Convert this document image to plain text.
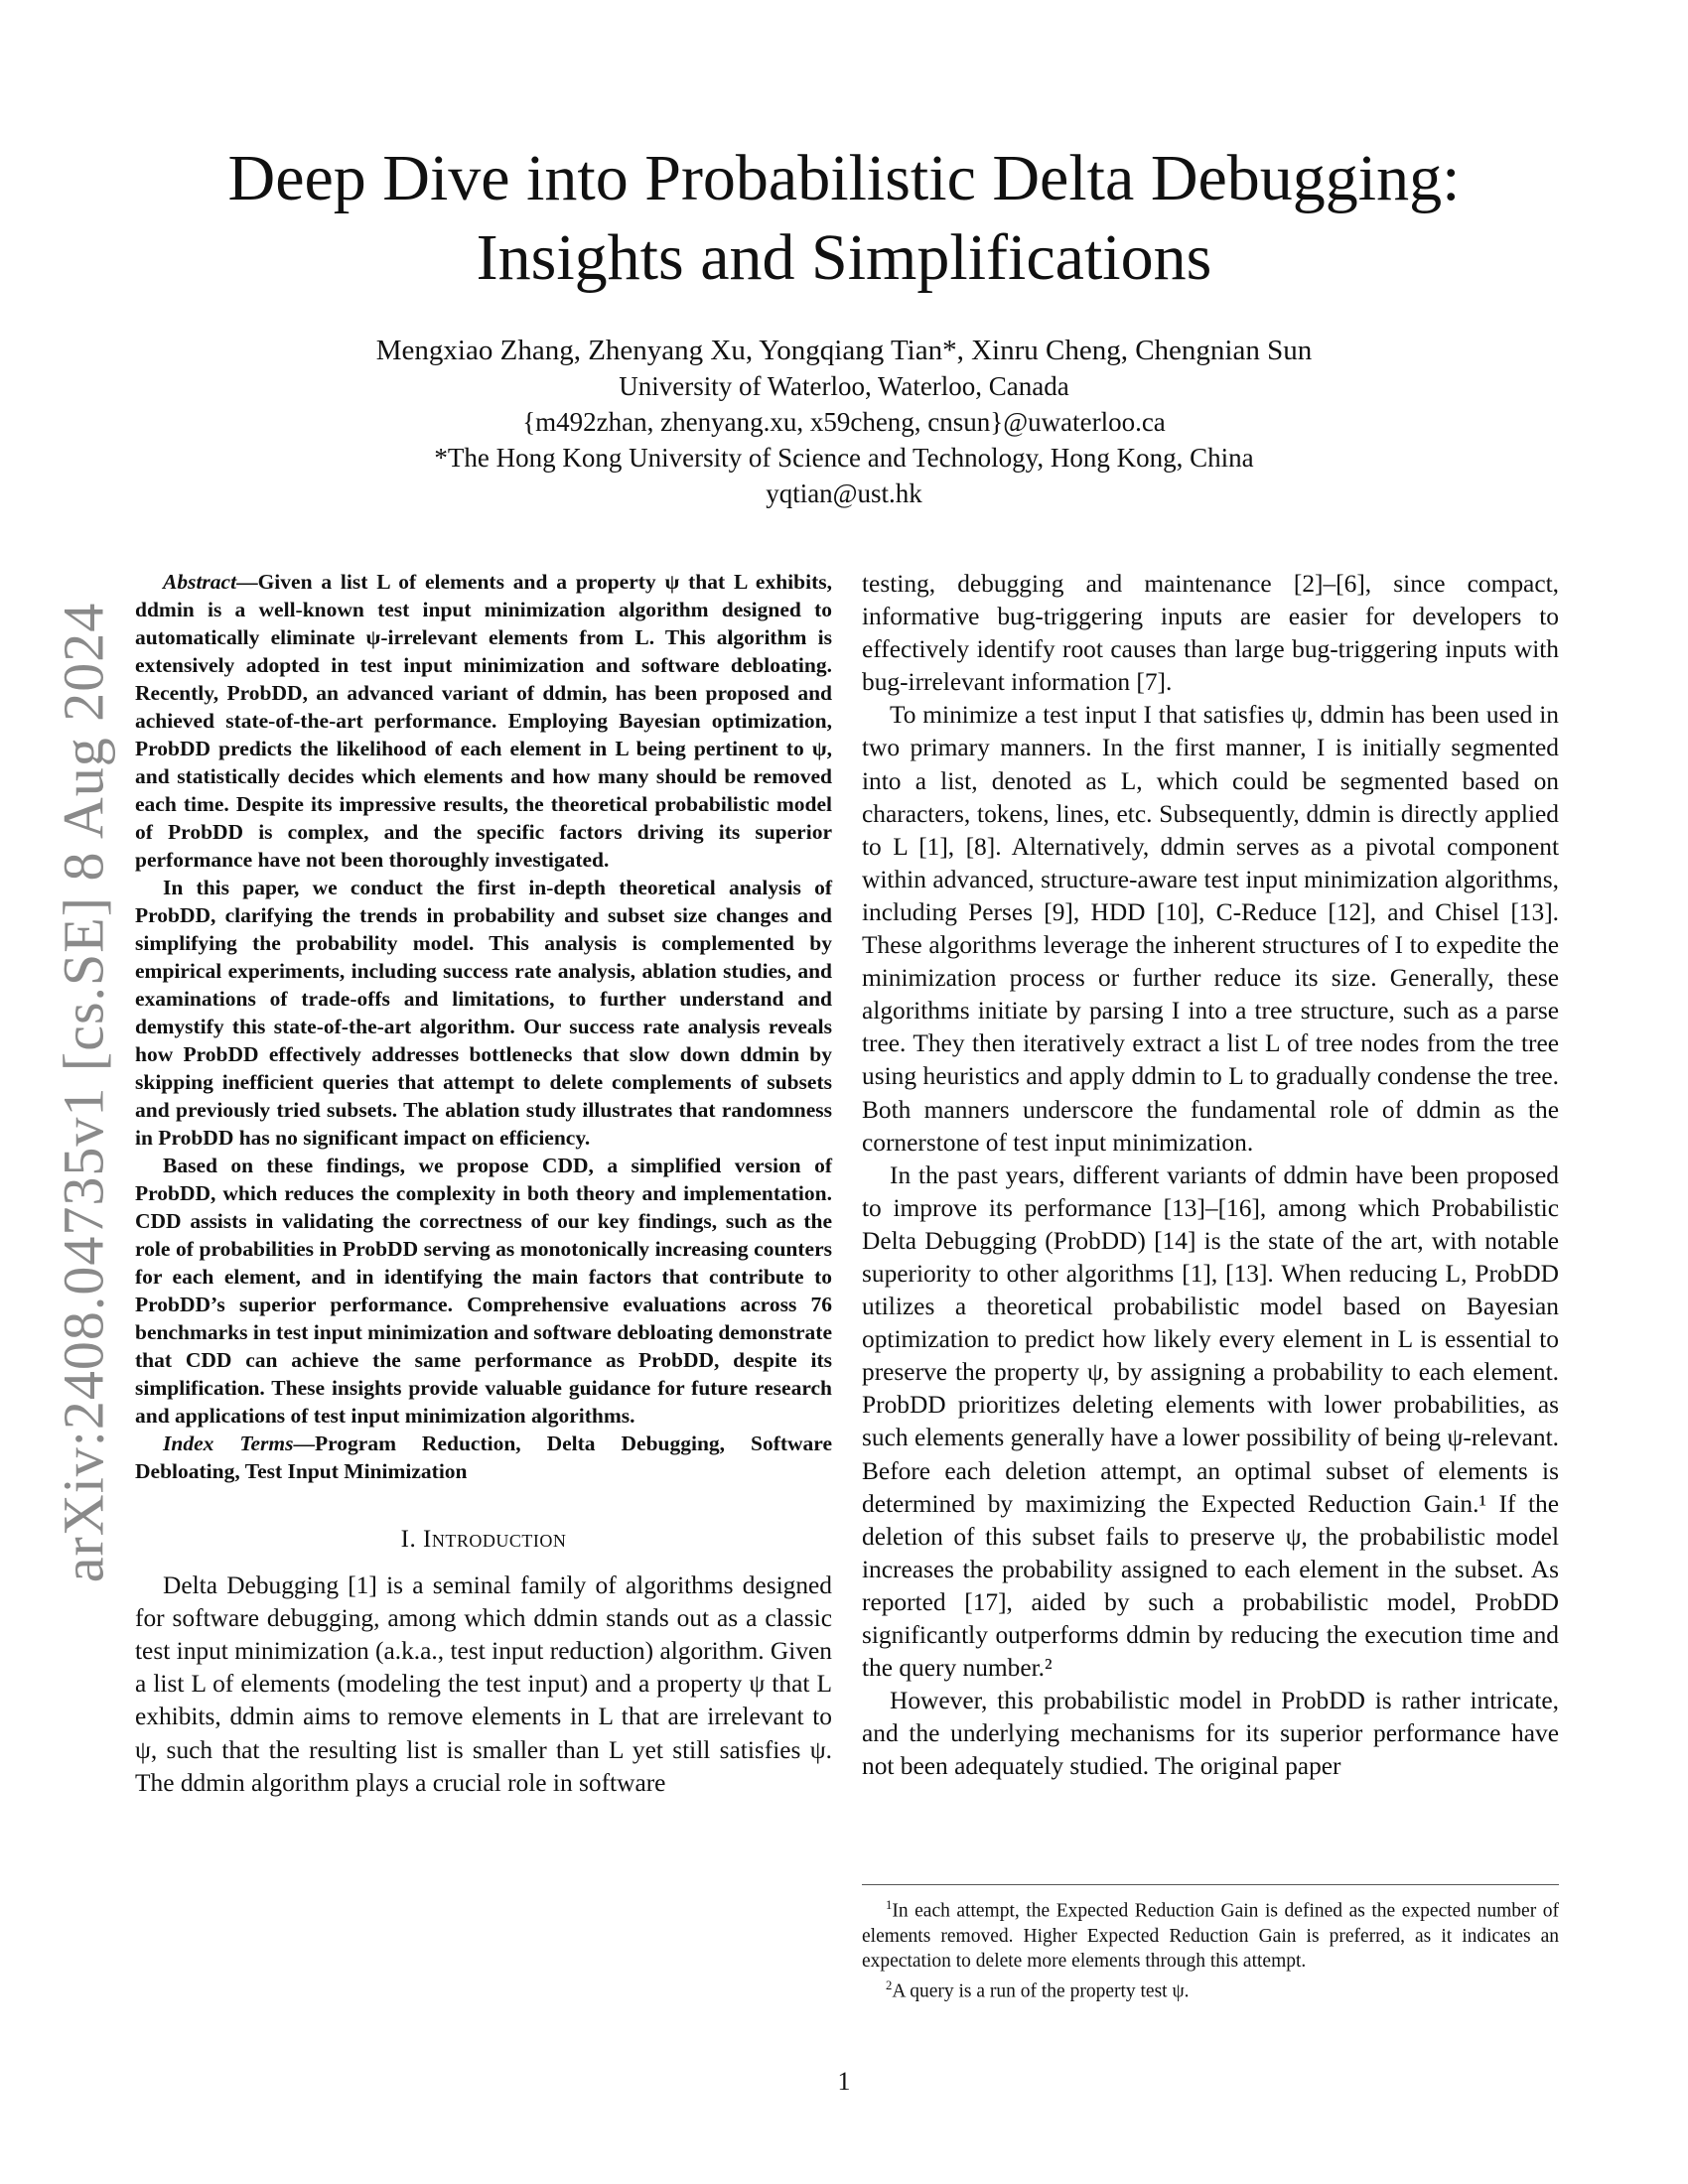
arXiv:2408.04735v1 [cs.SE] 8 Aug 2024
Deep Dive into Probabilistic Delta Debugging:
Insights and Simplifications
Mengxiao Zhang, Zhenyang Xu, Yongqiang Tian*, Xinru Cheng, Chengnian Sun
University of Waterloo, Waterloo, Canada
{m492zhan, zhenyang.xu, x59cheng, cnsun}@uwaterloo.ca
*The Hong Kong University of Science and Technology, Hong Kong, China
yqtian@ust.hk

Abstract—Given a list L of elements and a property ψ that L exhibits, ddmin is a well-known test input minimization algorithm designed to automatically eliminate ψ-irrelevant elements from L. This algorithm is extensively adopted in test input minimization and software debloating. Recently, ProbDD, an advanced variant of ddmin, has been proposed and achieved state-of-the-art performance. Employing Bayesian optimization, ProbDD predicts the likelihood of each element in L being pertinent to ψ, and statistically decides which elements and how many should be removed each time. Despite its impressive results, the theoretical probabilistic model of ProbDD is complex, and the specific factors driving its superior performance have not been thoroughly investigated.

In this paper, we conduct the first in-depth theoretical analysis of ProbDD, clarifying the trends in probability and subset size changes and simplifying the probability model. This analysis is complemented by empirical experiments, including success rate analysis, ablation studies, and examinations of trade-offs and limitations, to further understand and demystify this state-of-the-art algorithm. Our success rate analysis reveals how ProbDD effectively addresses bottlenecks that slow down ddmin by skipping inefficient queries that attempt to delete complements of subsets and previously tried subsets. The ablation study illustrates that randomness in ProbDD has no significant impact on efficiency.

Based on these findings, we propose CDD, a simplified version of ProbDD, which reduces the complexity in both theory and implementation. CDD assists in validating the correctness of our key findings, such as the role of probabilities in ProbDD serving as monotonically increasing counters for each element, and in identifying the main factors that contribute to ProbDD’s superior performance. Comprehensive evaluations across 76 benchmarks in test input minimization and software debloating demonstrate that CDD can achieve the same performance as ProbDD, despite its simplification. These insights provide valuable guidance for future research and applications of test input minimization algorithms.

Index Terms—Program Reduction, Delta Debugging, Software Debloating, Test Input Minimization

I. Introduction

Delta Debugging [1] is a seminal family of algorithms designed for software debugging, among which ddmin stands out as a classic test input minimization (a.k.a., test input reduction) algorithm. Given a list L of elements (modeling the test input) and a property ψ that L exhibits, ddmin aims to remove elements in L that are irrelevant to ψ, such that the resulting list is smaller than L yet still satisfies ψ. The ddmin algorithm plays a crucial role in software

testing, debugging and maintenance [2]–[6], since compact, informative bug-triggering inputs are easier for developers to effectively identify root causes than large bug-triggering inputs with bug-irrelevant information [7].

To minimize a test input I that satisfies ψ, ddmin has been used in two primary manners. In the first manner, I is initially segmented into a list, denoted as L, which could be segmented based on characters, tokens, lines, etc. Subsequently, ddmin is directly applied to L [1], [8]. Alternatively, ddmin serves as a pivotal component within advanced, structure-aware test input minimization algorithms, including Perses [9], HDD [10], C-Reduce [12], and Chisel [13]. These algorithms leverage the inherent structures of I to expedite the minimization process or further reduce its size. Generally, these algorithms initiate by parsing I into a tree structure, such as a parse tree. They then iteratively extract a list L of tree nodes from the tree using heuristics and apply ddmin to L to gradually condense the tree. Both manners underscore the fundamental role of ddmin as the cornerstone of test input minimization.

In the past years, different variants of ddmin have been proposed to improve its performance [13]–[16], among which Probabilistic Delta Debugging (ProbDD) [14] is the state of the art, with notable superiority to other algorithms [1], [13]. When reducing L, ProbDD utilizes a theoretical probabilistic model based on Bayesian optimization to predict how likely every element in L is essential to preserve the property ψ, by assigning a probability to each element. ProbDD prioritizes deleting elements with lower probabilities, as such elements generally have a lower possibility of being ψ-relevant. Before each deletion attempt, an optimal subset of elements is determined by maximizing the Expected Reduction Gain.¹ If the deletion of this subset fails to preserve ψ, the probabilistic model increases the probability assigned to each element in the subset. As reported [17], aided by such a probabilistic model, ProbDD significantly outperforms ddmin by reducing the execution time and the query number.²

However, this probabilistic model in ProbDD is rather intricate, and the underlying mechanisms for its superior performance have not been adequately studied. The original paper

$^1$In each attempt, the Expected Reduction Gain is defined as the expected number of elements removed. Higher Expected Reduction Gain is preferred, as it indicates an expectation to delete more elements through this attempt.

$^2$A query is a run of the property test ψ.

1
